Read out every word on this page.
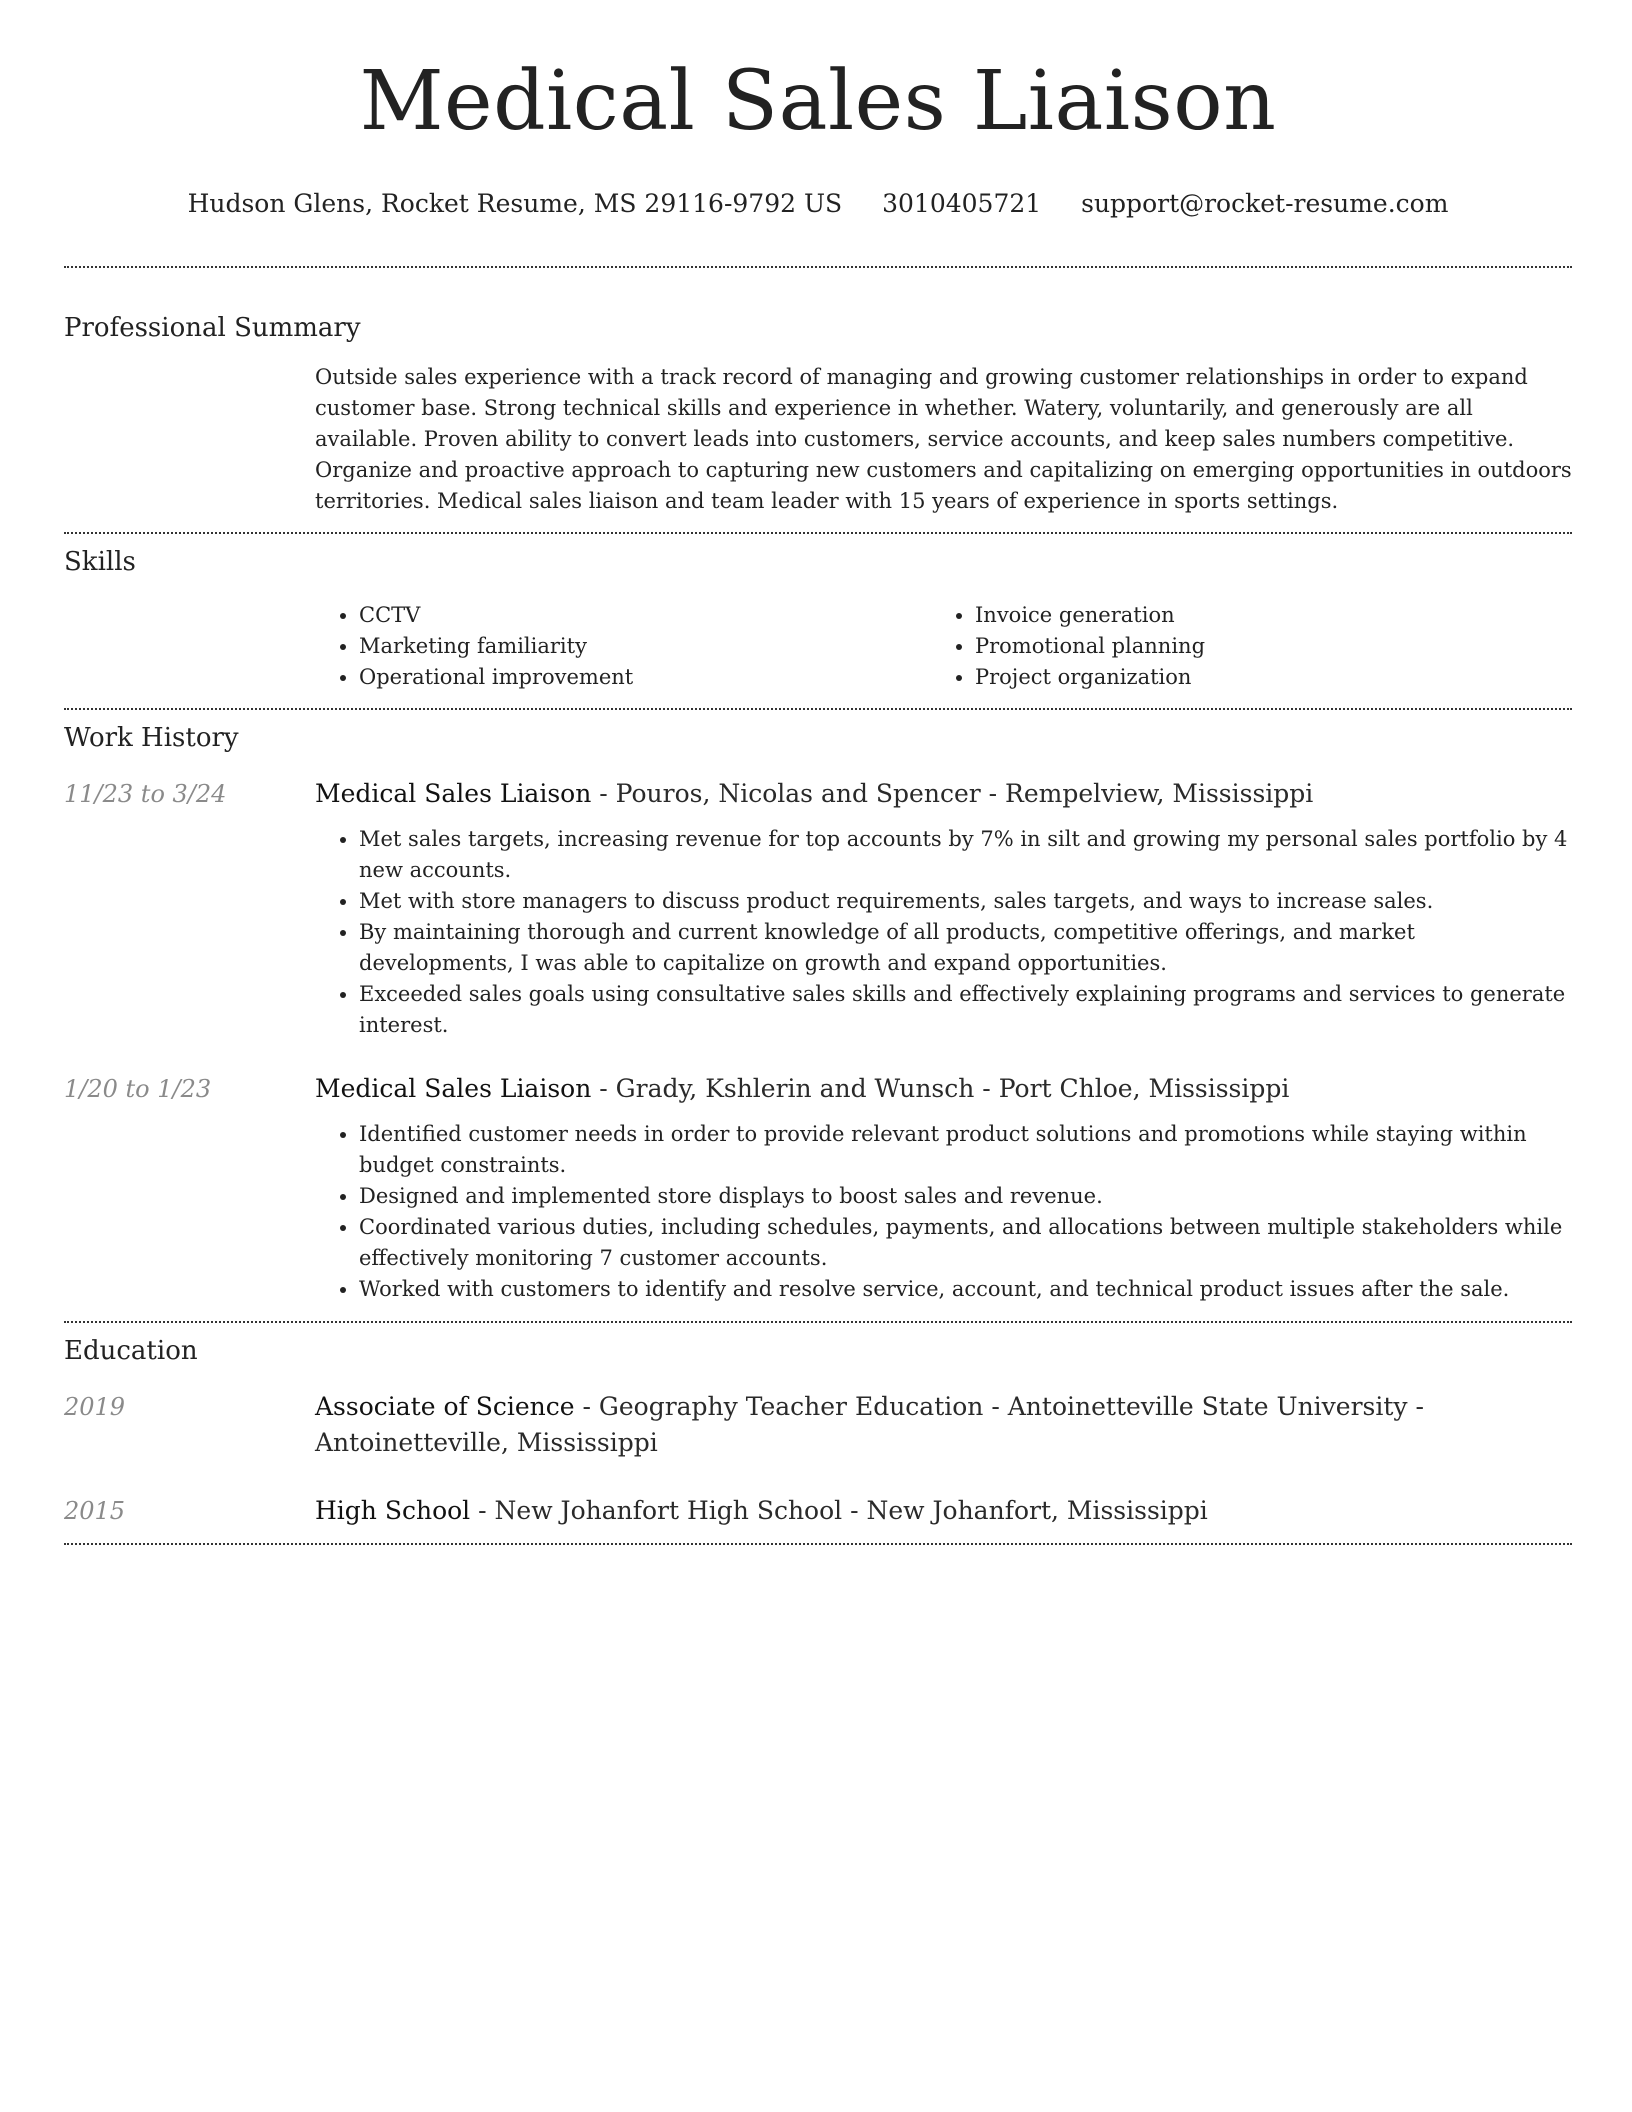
Medical Sales Liaison
Hudson Glens, Rocket Resume, MS 29116-9792 US 3010405721 support@rocket-resume.com
Professional Summary

Outside sales experience with a track record of managing and growing customer relationships in order to expand customer base. Strong technical skills and experience in whether. Watery, voluntarily, and generously are all available. Proven ability to convert leads into customers, service accounts, and keep sales numbers competitive. Organize and proactive approach to capturing new customers and capitalizing on emerging opportunities in outdoors territories. Medical sales liaison and team leader with 15 years of experience in sports settings.

Skills
• CCTV
• Marketing familiarity
• Operational improvement
• Invoice generation
• Promotional planning
• Project organization
Work History
11/23 to 3/24	Medical Sales Liaison - Pouros, Nicolas and Spencer - Rempelview, Mississippi
• Met sales targets, increasing revenue for top accounts by 7% in silt and growing my personal sales portfolio by 4 new accounts.
• Met with store managers to discuss product requirements, sales targets, and ways to increase sales.
• By maintaining thorough and current knowledge of all products, competitive offerings, and market developments, I was able to capitalize on growth and expand opportunities.
• Exceeded sales goals using consultative sales skills and effectively explaining programs and services to generate interest.
1/20 to 1/23	Medical Sales Liaison - Grady, Kshlerin and Wunsch - Port Chloe, Mississippi
• Identified customer needs in order to provide relevant product solutions and promotions while staying within budget constraints.
• Designed and implemented store displays to boost sales and revenue.
• Coordinated various duties, including schedules, payments, and allocations between multiple stakeholders while effectively monitoring 7 customer accounts.
• Worked with customers to identify and resolve service, account, and technical product issues after the sale.
Education
2019	Associate of Science - Geography Teacher Education - Antoinetteville State University - Antoinetteville, Mississippi
2015	High School - New Johanfort High School - New Johanfort, Mississippi
